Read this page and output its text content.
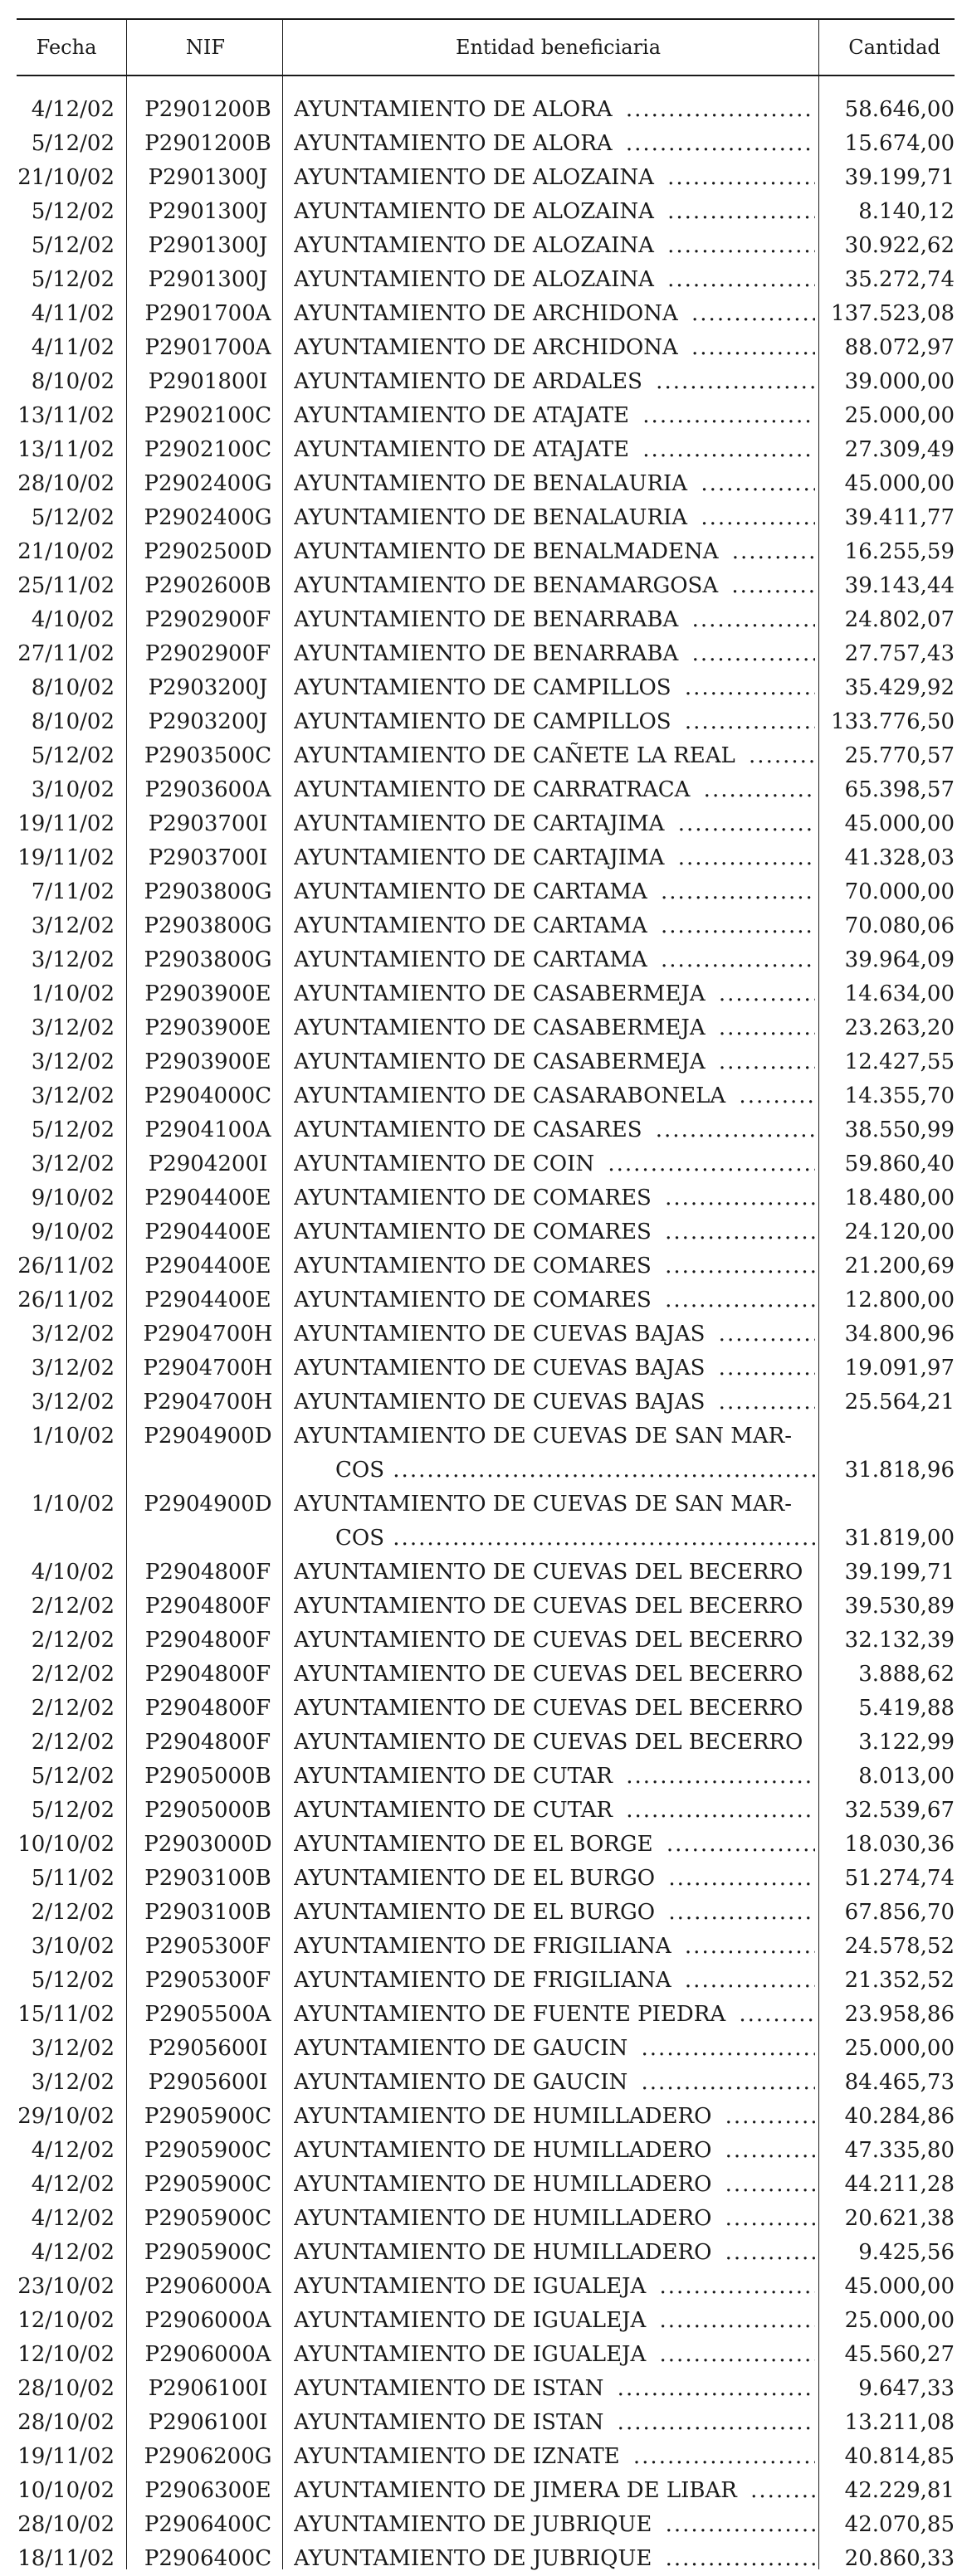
Fecha	NIF	Entidad beneficiaria	Cantidad
4/12/02	P2901200B	AYUNTAMIENTO DE ALORA .....	58.646,00
5/12/02	P2901200B	AYUNTAMIENTO DE ALORA .....	15.674,00
21/10/02	P2901300J	AYUNTAMIENTO DE ALOZAINA .....	39.199,71
5/12/02	P2901300J	AYUNTAMIENTO DE ALOZAINA .....	8.140,12
5/12/02	P2901300J	AYUNTAMIENTO DE ALOZAINA .....	30.922,62
5/12/02	P2901300J	AYUNTAMIENTO DE ALOZAINA .....	35.272,74
4/11/02	P2901700A	AYUNTAMIENTO DE ARCHIDONA .....	137.523,08
4/11/02	P2901700A	AYUNTAMIENTO DE ARCHIDONA .....	88.072,97
8/10/02	P2901800I	AYUNTAMIENTO DE ARDALES .....	39.000,00
13/11/02	P2902100C	AYUNTAMIENTO DE ATAJATE .....	25.000,00
13/11/02	P2902100C	AYUNTAMIENTO DE ATAJATE .....	27.309,49
28/10/02	P2902400G	AYUNTAMIENTO DE BENALAURIA .....	45.000,00
5/12/02	P2902400G	AYUNTAMIENTO DE BENALAURIA .....	39.411,77
21/10/02	P2902500D	AYUNTAMIENTO DE BENALMADENA .....	16.255,59
25/11/02	P2902600B	AYUNTAMIENTO DE BENAMARGOSA .....	39.143,44
4/10/02	P2902900F	AYUNTAMIENTO DE BENARRABA .....	24.802,07
27/11/02	P2902900F	AYUNTAMIENTO DE BENARRABA .....	27.757,43
8/10/02	P2903200J	AYUNTAMIENTO DE CAMPILLOS .....	35.429,92
8/10/02	P2903200J	AYUNTAMIENTO DE CAMPILLOS .....	133.776,50
5/12/02	P2903500C	AYUNTAMIENTO DE CAÑETE LA REAL .....	25.770,57
3/10/02	P2903600A	AYUNTAMIENTO DE CARRATRACA .....	65.398,57
19/11/02	P2903700I	AYUNTAMIENTO DE CARTAJIMA .....	45.000,00
19/11/02	P2903700I	AYUNTAMIENTO DE CARTAJIMA .....	41.328,03
7/11/02	P2903800G	AYUNTAMIENTO DE CARTAMA .....	70.000,00
3/12/02	P2903800G	AYUNTAMIENTO DE CARTAMA .....	70.080,06
3/12/02	P2903800G	AYUNTAMIENTO DE CARTAMA .....	39.964,09
1/10/02	P2903900E	AYUNTAMIENTO DE CASABERMEJA .....	14.634,00
3/12/02	P2903900E	AYUNTAMIENTO DE CASABERMEJA .....	23.263,20
3/12/02	P2903900E	AYUNTAMIENTO DE CASABERMEJA .....	12.427,55
3/12/02	P2904000C	AYUNTAMIENTO DE CASARABONELA .....	14.355,70
5/12/02	P2904100A	AYUNTAMIENTO DE CASARES .....	38.550,99
3/12/02	P2904200I	AYUNTAMIENTO DE COIN .....	59.860,40
9/10/02	P2904400E	AYUNTAMIENTO DE COMARES .....	18.480,00
9/10/02	P2904400E	AYUNTAMIENTO DE COMARES .....	24.120,00
26/11/02	P2904400E	AYUNTAMIENTO DE COMARES .....	21.200,69
26/11/02	P2904400E	AYUNTAMIENTO DE COMARES .....	12.800,00
3/12/02	P2904700H AYUNTAMIENTO DE CUEVAS BAJAS .....	34.800,96
3/12/02	P2904700H AYUNTAMIENTO DE CUEVAS BAJAS .....	19.091,97
3/12/02	P2904700H AYUNTAMIENTO DE CUEVAS BAJAS .....	25.564,21
1/10/02	P2904900D	AYUNTAMIENTO DE CUEVAS DE SAN MAR-
COS .....	31.818,96
1/10/02	P2904900D	AYUNTAMIENTO DE CUEVAS DE SAN MAR-
COS .....	31.819,00
4/10/02	P2904800F	AYUNTAMIENTO DE CUEVAS DEL BECERRO .....	39.199,71
2/12/02	P2904800F	AYUNTAMIENTO DE CUEVAS DEL BECERRO .....	39.530,89
2/12/02	P2904800F	AYUNTAMIENTO DE CUEVAS DEL BECERRO .....	32.132,39
2/12/02	P2904800F	AYUNTAMIENTO DE CUEVAS DEL BECERRO .....	3.888,62
2/12/02	P2904800F	AYUNTAMIENTO DE CUEVAS DEL BECERRO .....	5.419,88
2/12/02	P2904800F	AYUNTAMIENTO DE CUEVAS DEL BECERRO .....	3.122,99
5/12/02	P2905000B	AYUNTAMIENTO DE CUTAR .....	8.013,00
5/12/02	P2905000B	AYUNTAMIENTO DE CUTAR .....	32.539,67
10/10/02	P2903000D	AYUNTAMIENTO DE EL BORGE .....	18.030,36
5/11/02	P2903100B	AYUNTAMIENTO DE EL BURGO .....	51.274,74
2/12/02	P2903100B	AYUNTAMIENTO DE EL BURGO .....	67.856,70
3/10/02	P2905300F	AYUNTAMIENTO DE FRIGILIANA .....	24.578,52
5/12/02	P2905300F	AYUNTAMIENTO DE FRIGILIANA .....	21.352,52
15/11/02	P2905500A	AYUNTAMIENTO DE FUENTE PIEDRA .....	23.958,86
3/12/02	P2905600I	AYUNTAMIENTO DE GAUCIN .....	25.000,00
3/12/02	P2905600I	AYUNTAMIENTO DE GAUCIN .....	84.465,73
29/10/02	P2905900C	AYUNTAMIENTO DE HUMILLADERO .....	40.284,86
4/12/02	P2905900C	AYUNTAMIENTO DE HUMILLADERO .....	47.335,80
4/12/02	P2905900C	AYUNTAMIENTO DE HUMILLADERO .....	44.211,28
4/12/02	P2905900C	AYUNTAMIENTO DE HUMILLADERO .....	20.621,38
4/12/02	P2905900C	AYUNTAMIENTO DE HUMILLADERO .....	9.425,56
23/10/02	P2906000A	AYUNTAMIENTO DE IGUALEJA .....	45.000,00
12/10/02	P2906000A	AYUNTAMIENTO DE IGUALEJA .....	25.000,00
12/10/02	P2906000A	AYUNTAMIENTO DE IGUALEJA .....	45.560,27
28/10/02	P2906100I	AYUNTAMIENTO DE ISTAN .....	9.647,33
28/10/02	P2906100I	AYUNTAMIENTO DE ISTAN .....	13.211,08
19/11/02	P2906200G	AYUNTAMIENTO DE IZNATE .....	40.814,85
10/10/02	P2906300E	AYUNTAMIENTO DE JIMERA DE LIBAR .....	42.229,81
28/10/02	P2906400C	AYUNTAMIENTO DE JUBRIQUE .....	42.070,85
18/11/02	P2906400C	AYUNTAMIENTO DE JUBRIQUE .....	20.860,33
